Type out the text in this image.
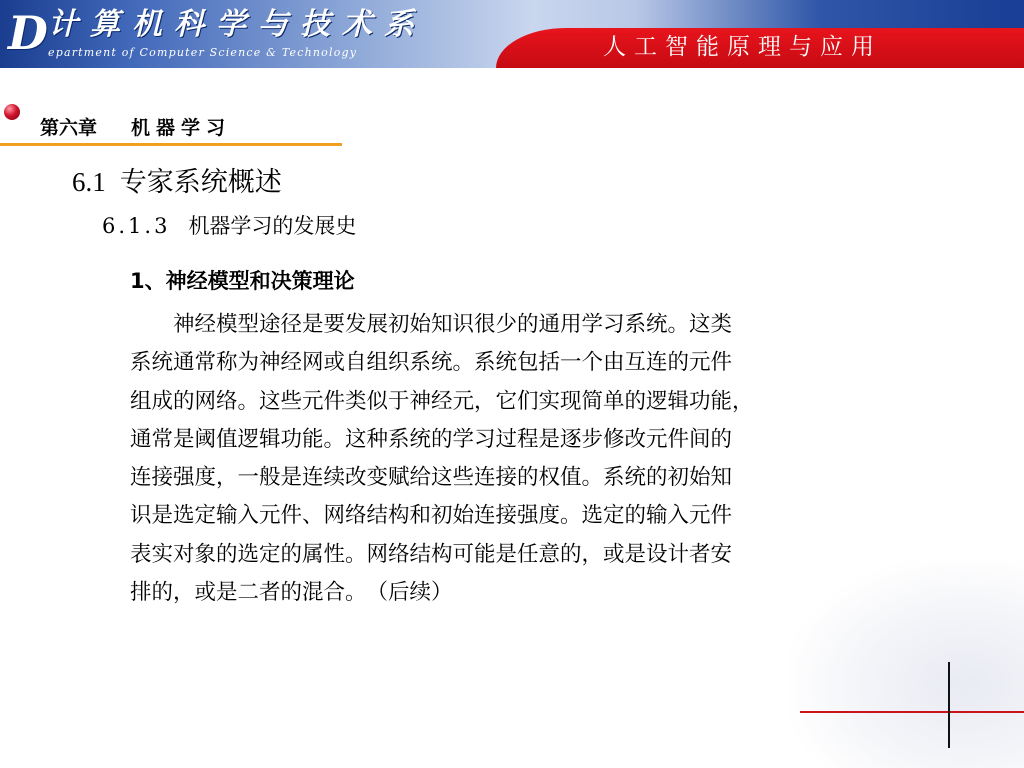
D 计算机科学与技术系
epartment of Computer Science & Technology	人工智能原理与应用
第六章 机器学习
6.1 专家系统概述
6.1.3 机器学习的发展史
1、神经模型和决策理论
　　神经模型途径是要发展初始知识很少的通用学习系统。这类
系统通常称为神经网或自组织系统。系统包括一个由互连的元件
组成的网络。这些元件类似于神经元，它们实现简单的逻辑功能，
通常是阈值逻辑功能。这种系统的学习过程是逐步修改元件间的
连接强度，一般是连续改变赋给这些连接的权值。系统的初始知
识是选定输入元件、网络结构和初始连接强度。选定的输入元件
表实对象的选定的属性。网络结构可能是任意的，或是设计者安
排的，或是二者的混合。　（后续）
